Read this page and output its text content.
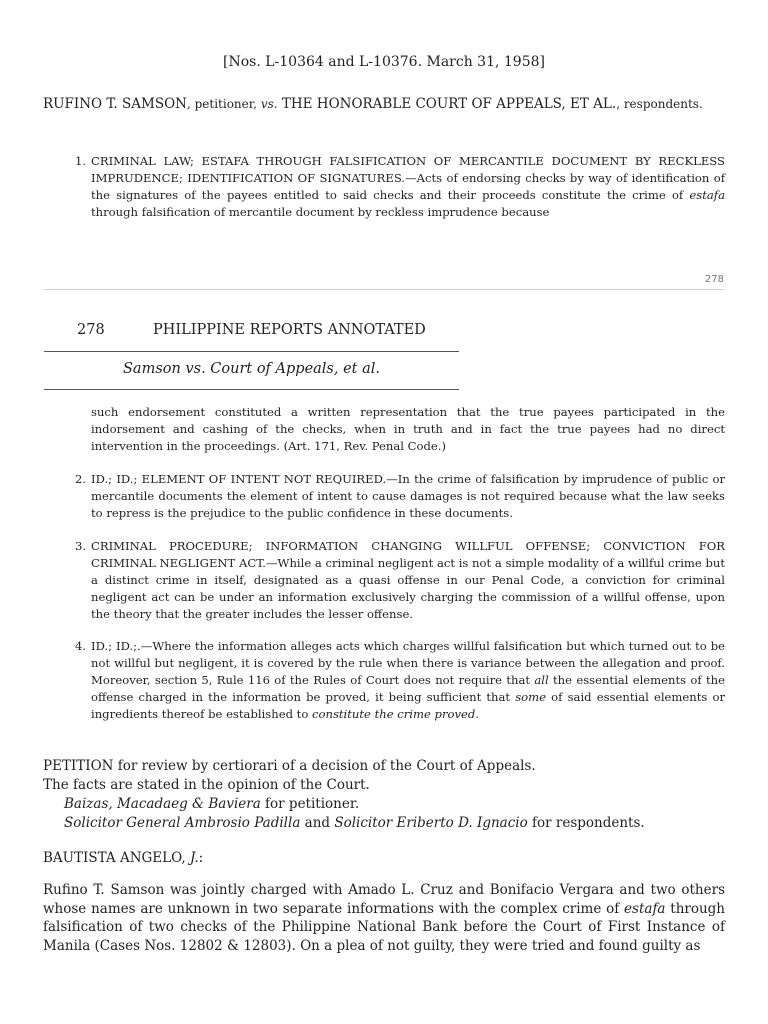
[Nos. L-10364 and L-10376. March 31, 1958]
RUFINO T. SAMSON, petitioner, vs. THE HONORABLE COURT OF APPEALS, ET AL., respondents.
1. CRIMINAL LAW; ESTAFA THROUGH FALSIFICATION OF MERCANTILE DOCUMENT BY RECKLESS IMPRUDENCE; IDENTIFICATION OF SIGNATURES.—Acts of endorsing checks by way of identification of the signatures of the payees entitled to said checks and their proceeds constitute the crime of estafa through falsification of mercantile document by reckless imprudence because
278
278	PHILIPPINE REPORTS ANNOTATED
Samson vs. Court of Appeals, et al.
such endorsement constituted a written representation that the true payees participated in the indorsement and cashing of the checks, when in truth and in fact the true payees had no direct intervention in the proceedings. (Art. 171, Rev. Penal Code.)
2. ID.; ID.; ELEMENT OF INTENT NOT REQUIRED.—In the crime of falsification by imprudence of public or mercantile documents the element of intent to cause damages is not required because what the law seeks to repress is the prejudice to the public confidence in these documents.
3. CRIMINAL PROCEDURE; INFORMATION CHANGING WILLFUL OFFENSE; CONVICTION FOR CRIMINAL NEGLIGENT ACT.—While a criminal negligent act is not a simple modality of a willful crime but a distinct crime in itself, designated as a quasi offense in our Penal Code, a conviction for criminal negligent act can be under an information exclusively charging the commission of a willful offense, upon the theory that the greater includes the lesser offense.
4. ID.; ID.;.—Where the information alleges acts which charges willful falsification but which turned out to be not willful but negligent, it is covered by the rule when there is variance between the allegation and proof. Moreover, section 5, Rule 116 of the Rules of Court does not require that all the essential elements of the offense charged in the information be proved, it being sufficient that some of said essential elements or ingredients thereof be established to constitute the crime proved.
PETITION for review by certiorari of a decision of the Court of Appeals.
The facts are stated in the opinion of the Court.
Baizas, Macadaeg & Baviera for petitioner.
Solicitor General Ambrosio Padilla and Solicitor Eriberto D. Ignacio for respondents.
BAUTISTA ANGELO, J.:
Rufino T. Samson was jointly charged with Amado L. Cruz and Bonifacio Vergara and two others whose names are unknown in two separate informations with the complex crime of estafa through falsification of two checks of the Philippine National Bank before the Court of First Instance of Manila (Cases Nos. 12802 & 12803). On a plea of not guilty, they were tried and found guilty as
